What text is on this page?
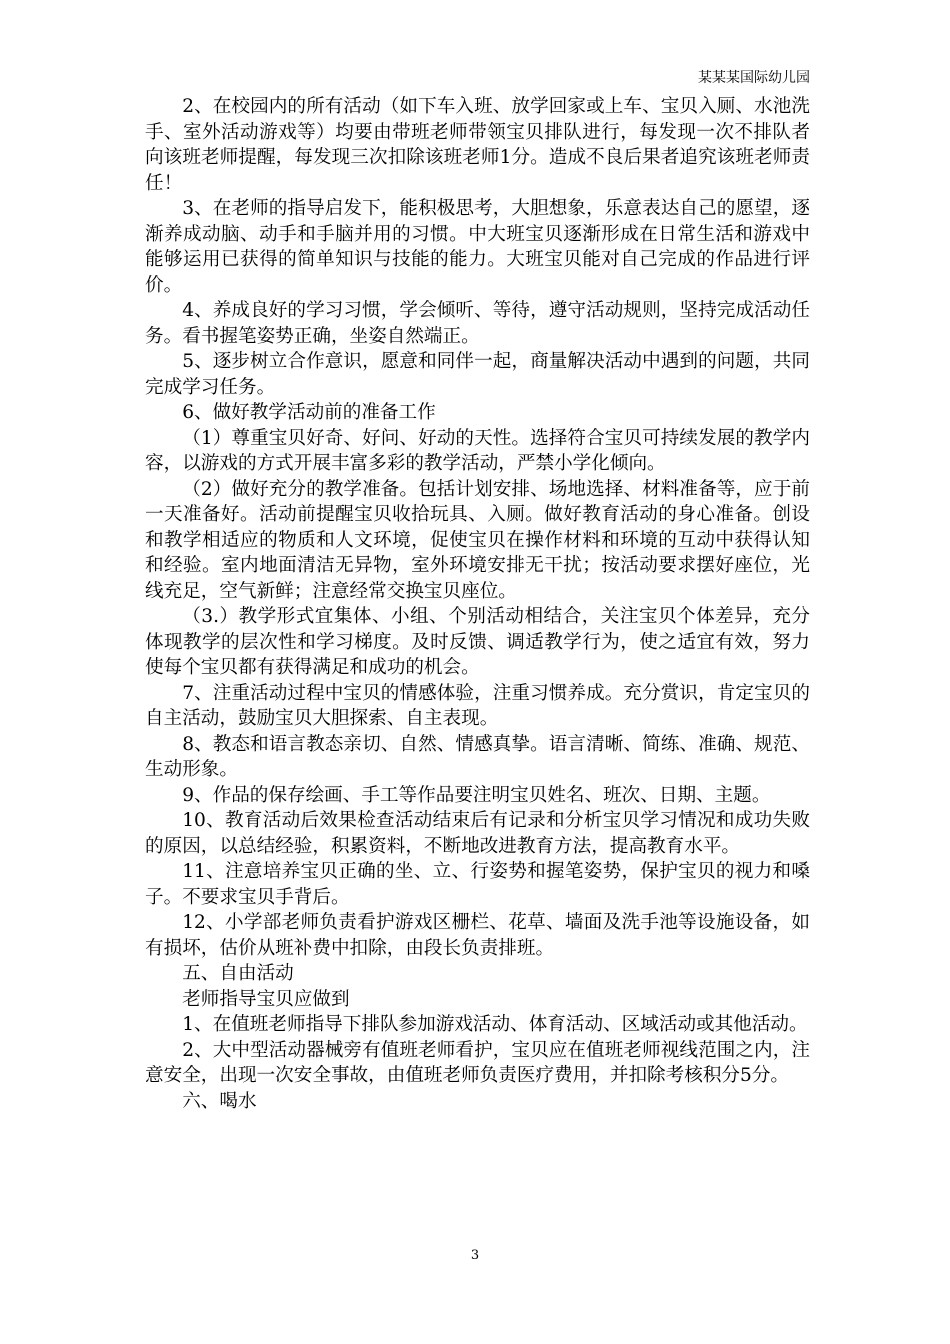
某某某国际幼儿园

2、在校园内的所有活动（如下车入班、放学回家或上车、宝贝入厕、水池洗手、室外活动游戏等）均要由带班老师带领宝贝排队进行，每发现一次不排队者向该班老师提醒，每发现三次扣除该班老师1分。造成不良后果者追究该班老师责任！

3、在老师的指导启发下，能积极思考，大胆想象，乐意表达自己的愿望，逐渐养成动脑、动手和手脑并用的习惯。中大班宝贝逐渐形成在日常生活和游戏中能够运用已获得的简单知识与技能的能力。大班宝贝能对自己完成的作品进行评价。

4、养成良好的学习习惯，学会倾听、等待，遵守活动规则，坚持完成活动任务。看书握笔姿势正确，坐姿自然端正。

5、逐步树立合作意识，愿意和同伴一起，商量解决活动中遇到的问题，共同完成学习任务。

6、做好教学活动前的准备工作

（1）尊重宝贝好奇、好问、好动的天性。选择符合宝贝可持续发展的教学内容，以游戏的方式开展丰富多彩的教学活动，严禁小学化倾向。

（2）做好充分的教学准备。包括计划安排、场地选择、材料准备等，应于前一天准备好。活动前提醒宝贝收拾玩具、入厕。做好教育活动的身心准备。创设和教学相适应的物质和人文环境，促使宝贝在操作材料和环境的互动中获得认知和经验。室内地面清洁无异物，室外环境安排无干扰；按活动要求摆好座位，光线充足，空气新鲜；注意经常交换宝贝座位。

（3.）教学形式宜集体、小组、个别活动相结合，关注宝贝个体差异，充分体现教学的层次性和学习梯度。及时反馈、调适教学行为，使之适宜有效，努力使每个宝贝都有获得满足和成功的机会。

7、注重活动过程中宝贝的情感体验，注重习惯养成。充分赏识，肯定宝贝的自主活动，鼓励宝贝大胆探索、自主表现。

8、教态和语言教态亲切、自然、情感真挚。语言清晰、简练、准确、规范、生动形象。

9、作品的保存绘画、手工等作品要注明宝贝姓名、班次、日期、主题。

10、教育活动后效果检查活动结束后有记录和分析宝贝学习情况和成功失败的原因，以总结经验，积累资料，不断地改进教育方法，提高教育水平。

11、注意培养宝贝正确的坐、立、行姿势和握笔姿势，保护宝贝的视力和嗓子。不要求宝贝手背后。

12、小学部老师负责看护游戏区栅栏、花草、墙面及洗手池等设施设备，如有损坏，估价从班补费中扣除，由段长负责排班。

五、自由活动

老师指导宝贝应做到

1、在值班老师指导下排队参加游戏活动、体育活动、区域活动或其他活动。

2、大中型活动器械旁有值班老师看护，宝贝应在值班老师视线范围之内，注意安全，出现一次安全事故，由值班老师负责医疗费用，并扣除考核积分5分。

六、喝水

3
